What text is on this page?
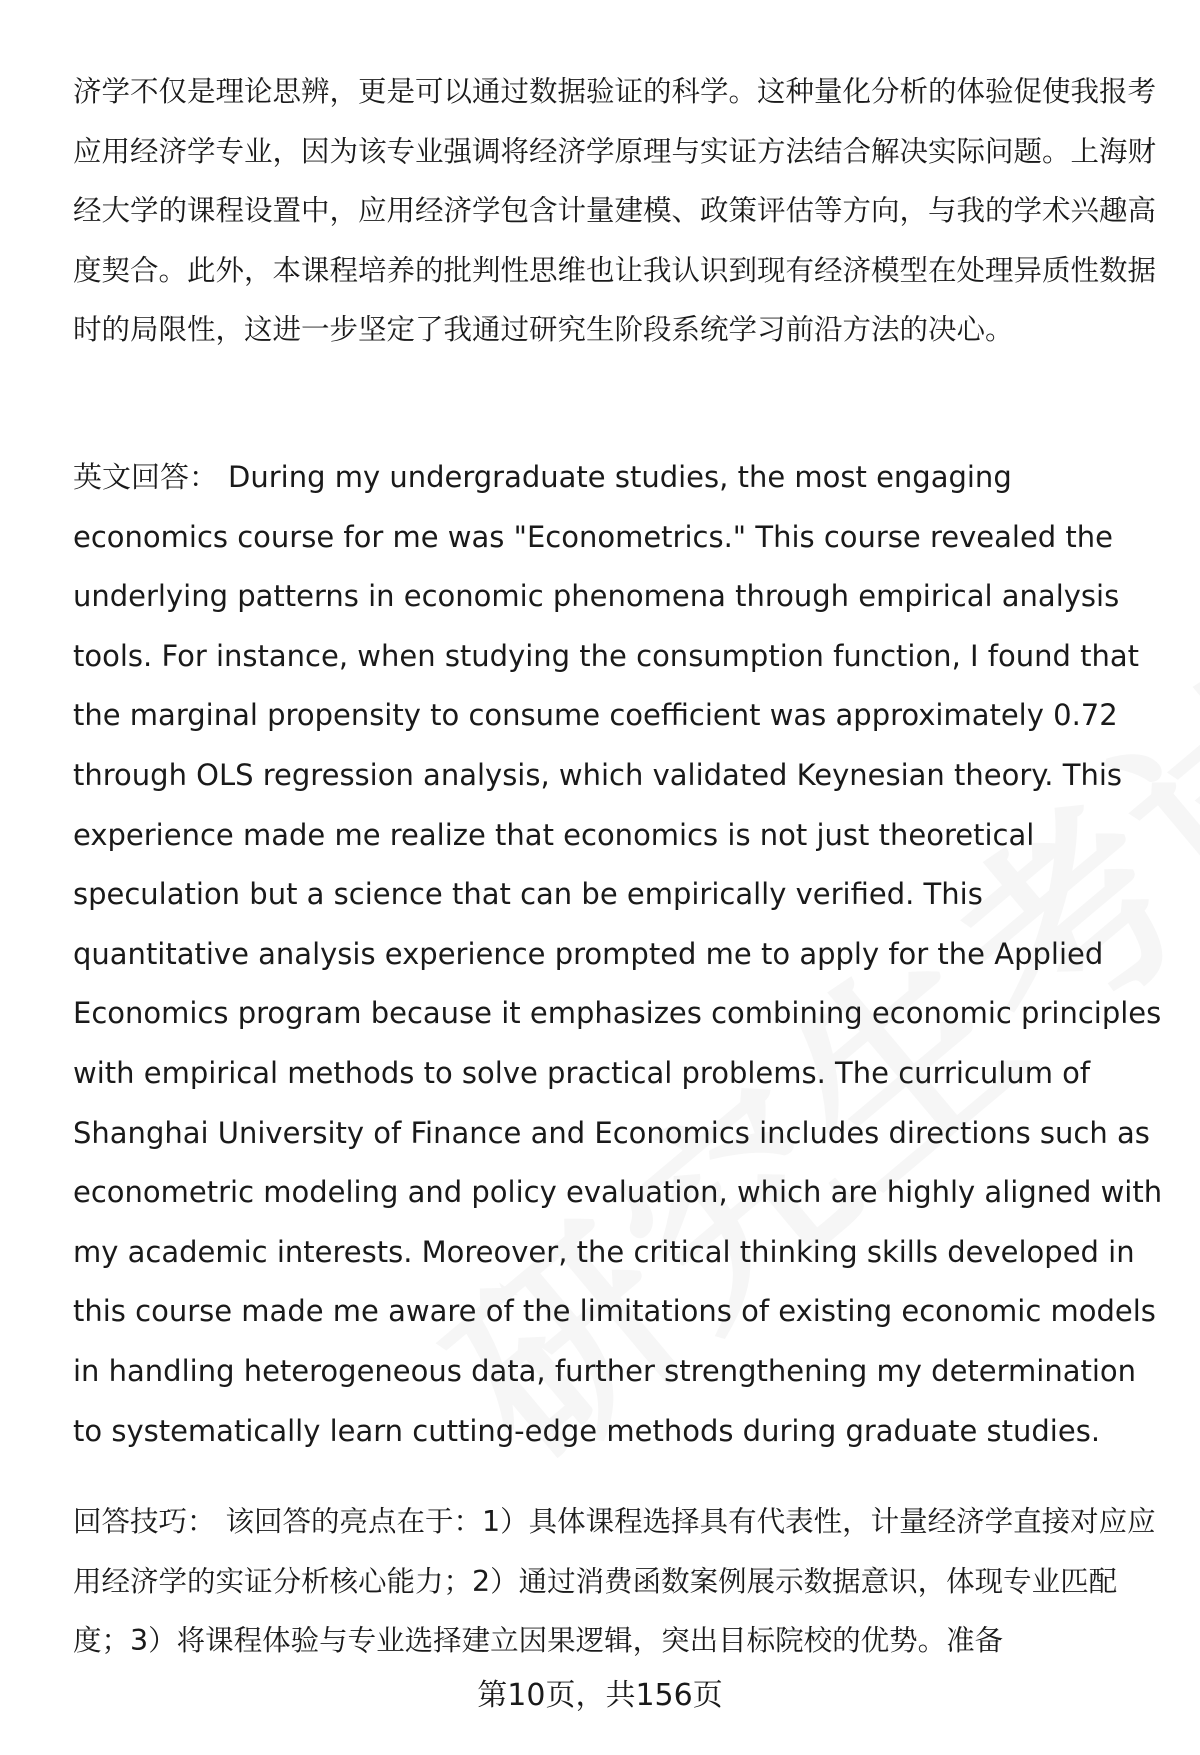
济学不仅是理论思辨，更是可以通过数据验证的科学。这种量化分析的体验促使我报考应用经济学专业，因为该专业强调将经济学原理与实证方法结合解决实际问题。上海财经大学的课程设置中，应用经济学包含计量建模、政策评估等方向，与我的学术兴趣高度契合。此外，本课程培养的批判性思维也让我认识到现有经济模型在处理异质性数据时的局限性，这进一步坚定了我通过研究生阶段系统学习前沿方法的决心。

英文回答： During my undergraduate studies, the most engaging economics course for me was "Econometrics." This course revealed the underlying patterns in economic phenomena through empirical analysis tools. For instance, when studying the consumption function, I found that the marginal propensity to consume coefficient was approximately 0.72 through OLS regression analysis, which validated Keynesian theory. This experience made me realize that economics is not just theoretical speculation but a science that can be empirically verified. This quantitative analysis experience prompted me to apply for the Applied Economics program because it emphasizes combining economic principles with empirical methods to solve practical problems. The curriculum of Shanghai University of Finance and Economics includes directions such as econometric modeling and policy evaluation, which are highly aligned with my academic interests. Moreover, the critical thinking skills developed in this course made me aware of the limitations of existing economic models in handling heterogeneous data, further strengthening my determination to systematically learn cutting-edge methods during graduate studies.

回答技巧： 该回答的亮点在于：1）具体课程选择具有代表性，计量经济学直接对应应用经济学的实证分析核心能力；2）通过消费函数案例展示数据意识，体现专业匹配度；3）将课程体验与专业选择建立因果逻辑，突出目标院校的优势。准备

第10页，共156页
